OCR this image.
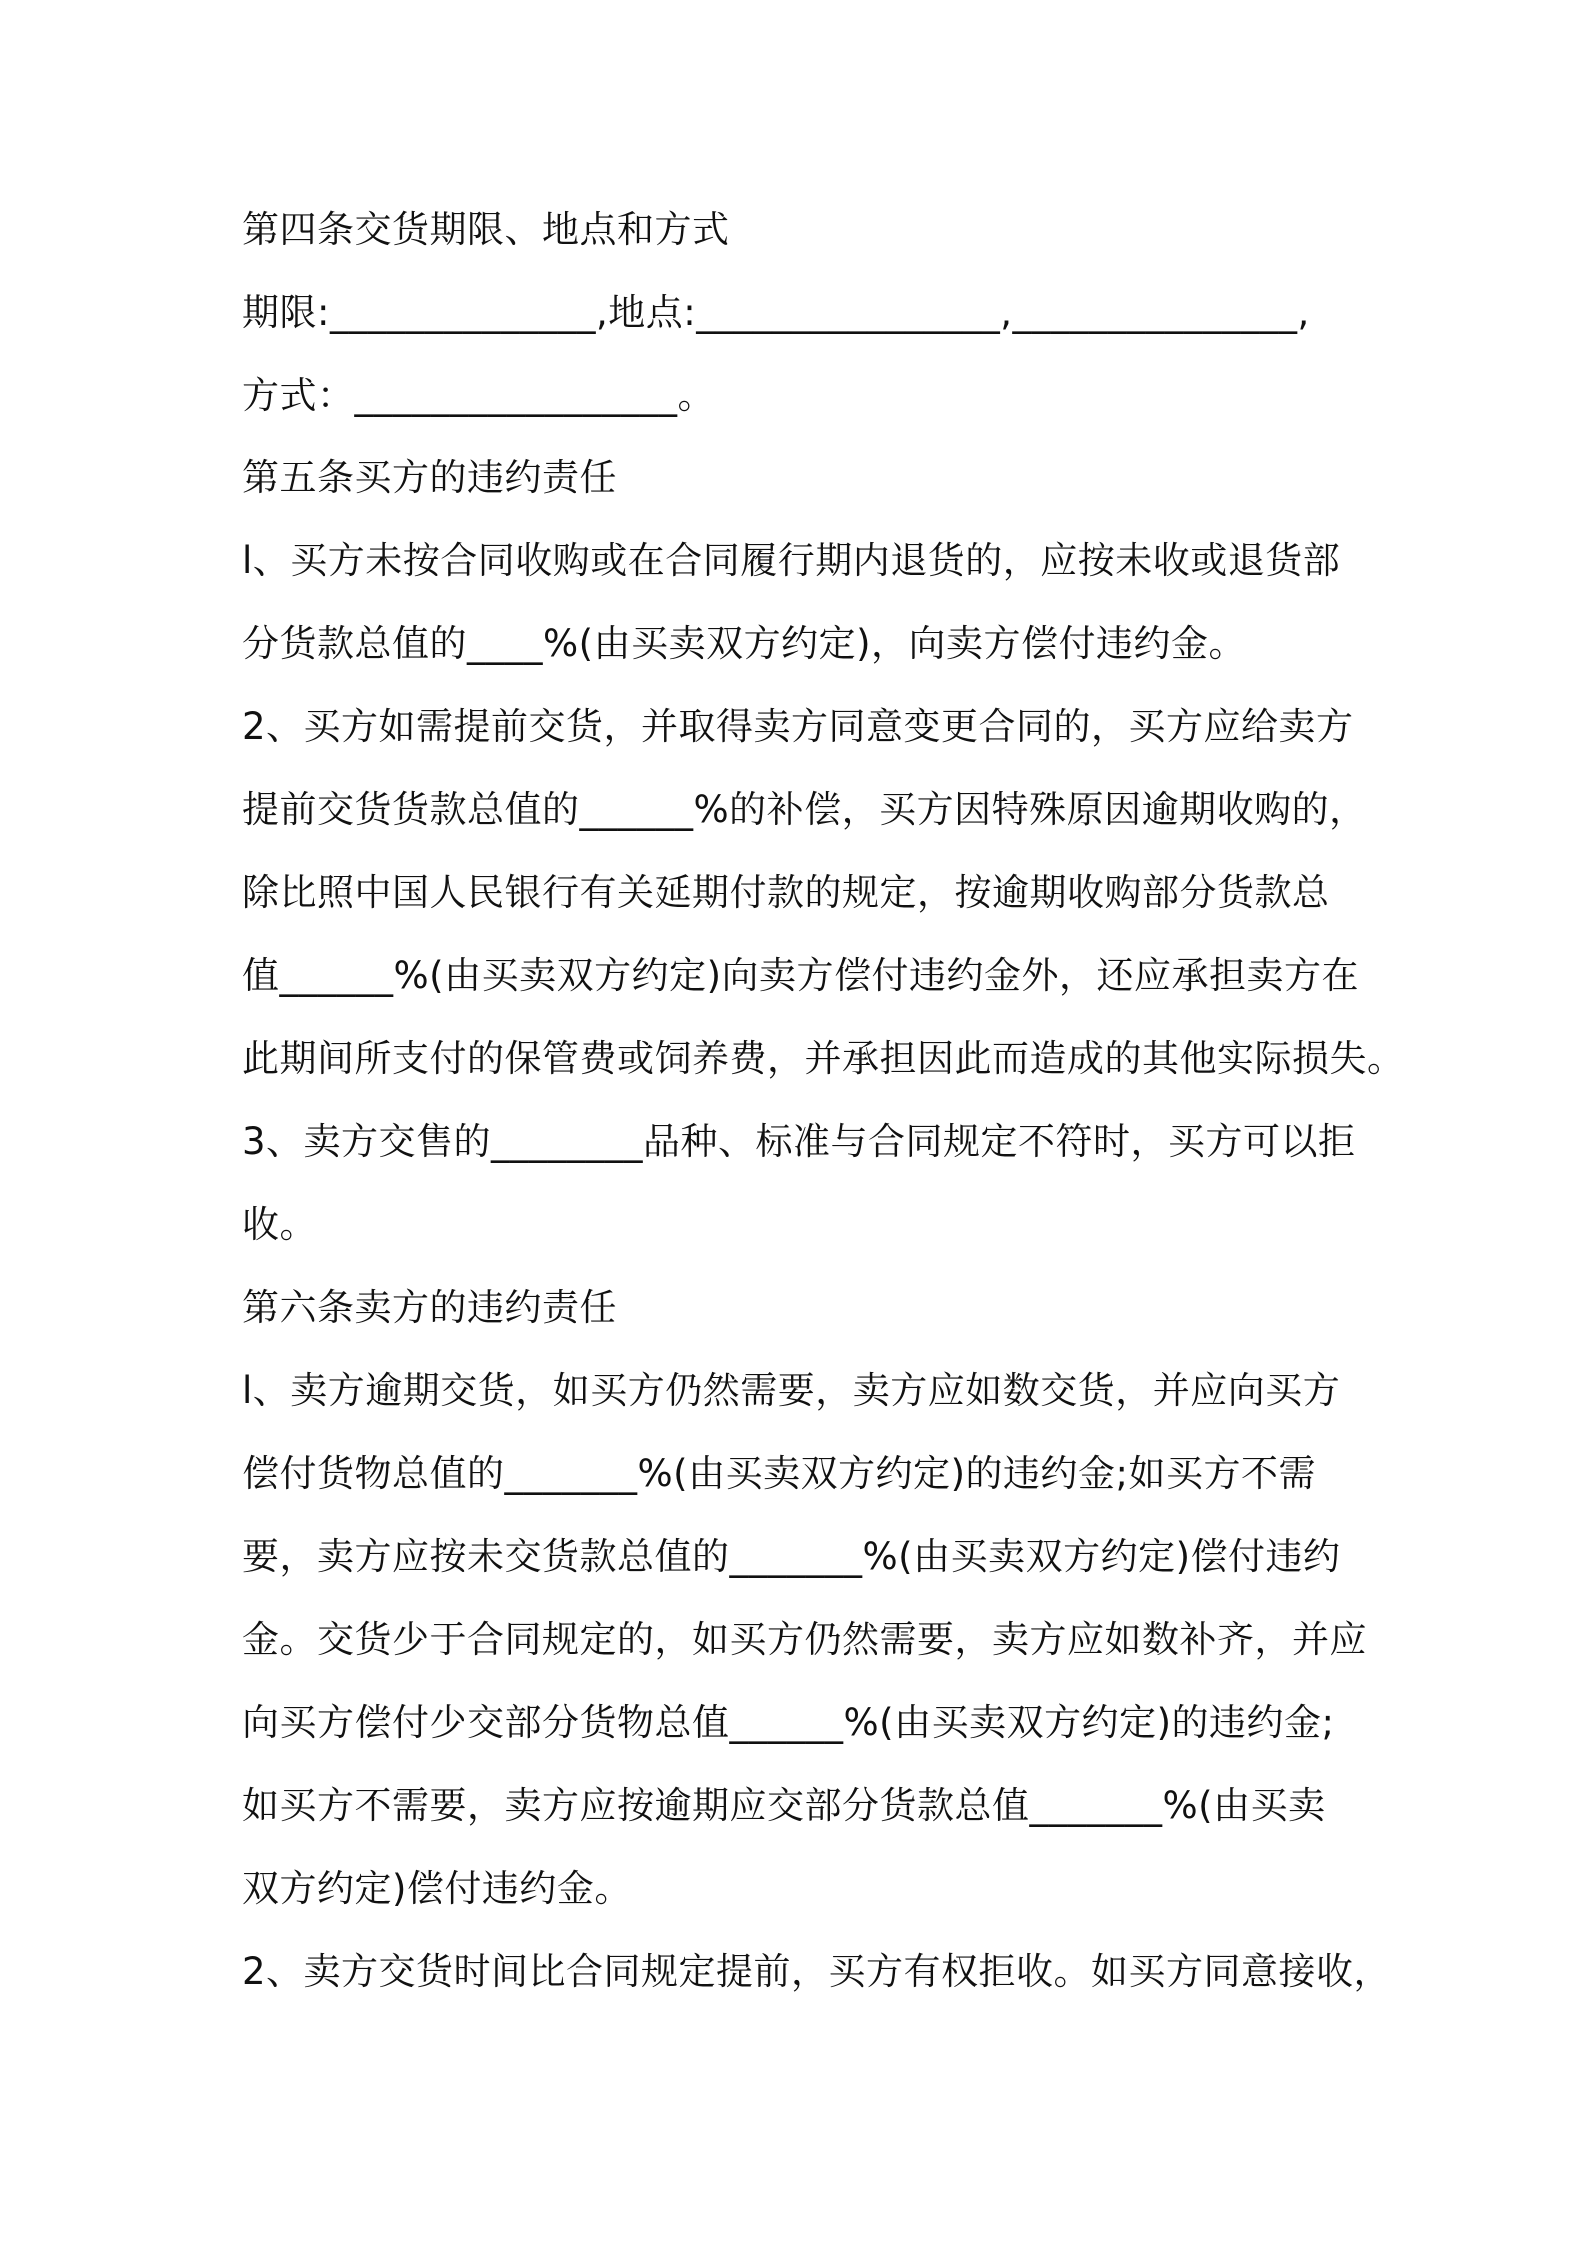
第四条交货期限、地点和方式
期限:______________,地点:________________,_______________,
方式：_________________。
第五条买方的违约责任
l、买方未按合同收购或在合同履行期内退货的，应按未收或退货部
分货款总值的____%(由买卖双方约定)，向卖方偿付违约金。
2、买方如需提前交货，并取得卖方同意变更合同的，买方应给卖方
提前交货货款总值的______%的补偿，买方因特殊原因逾期收购的，
除比照中国人民银行有关延期付款的规定，按逾期收购部分货款总
值______%(由买卖双方约定)向卖方偿付违约金外，还应承担卖方在
此期间所支付的保管费或饲养费，并承担因此而造成的其他实际损失。
3、卖方交售的________品种、标准与合同规定不符时，买方可以拒
收。
第六条卖方的违约责任
l、卖方逾期交货，如买方仍然需要，卖方应如数交货，并应向买方
偿付货物总值的_______%(由买卖双方约定)的违约金;如买方不需
要，卖方应按未交货款总值的_______%(由买卖双方约定)偿付违约
金。交货少于合同规定的，如买方仍然需要，卖方应如数补齐，并应
向买方偿付少交部分货物总值______%(由买卖双方约定)的违约金;
如买方不需要，卖方应按逾期应交部分货款总值_______%(由买卖
双方约定)偿付违约金。
2、卖方交货时间比合同规定提前，买方有权拒收。如买方同意接收，
